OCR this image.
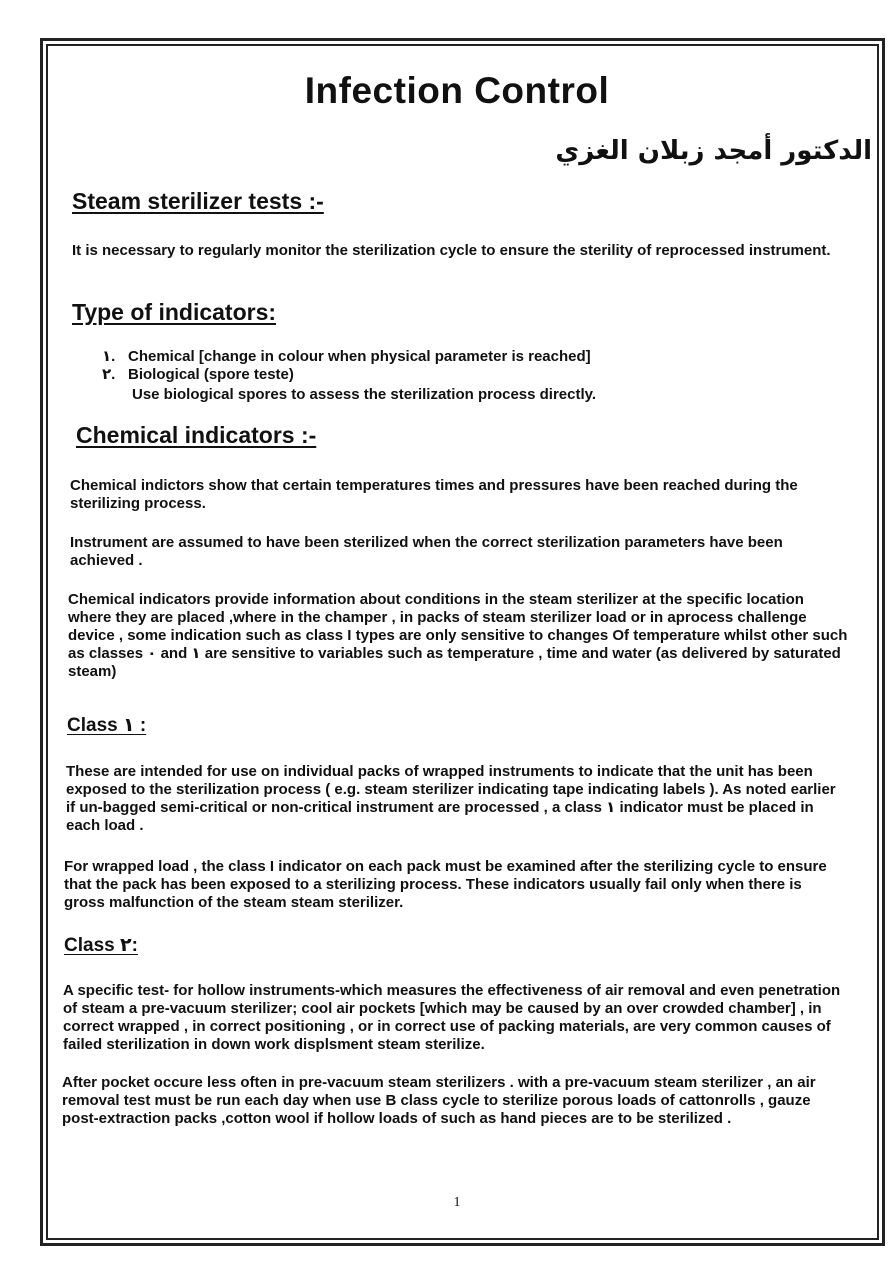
Infection Control
الدكتور أمجد زبلان الغزي
Steam sterilizer tests :-
It is necessary to regularly monitor the sterilization cycle to ensure the sterility of reprocessed instrument.
Type of indicators:
١. Chemical [change in colour when physical parameter is reached]
٢. Biological (spore teste)
Use biological spores to assess the sterilization process directly.
Chemical indicators :-
Chemical indictors show that certain temperatures times and pressures have been reached during the sterilizing process.
Instrument are assumed to have been sterilized when the correct sterilization parameters have been achieved .
Chemical indicators provide information about conditions in the steam sterilizer at the specific location where they are placed ,where in the champer , in packs of steam sterilizer load or in aprocess challenge device , some indication such as class I types are only sensitive to changes Of temperature whilst other such as classes ٠ and ١ are sensitive to variables such as temperature , time and water (as delivered by saturated steam)
Class ١ :
These are intended for use on individual packs of wrapped instruments to indicate that the unit has been exposed to the sterilization process ( e.g. steam sterilizer indicating tape indicating labels ). As noted earlier if un-bagged semi-critical or non-critical instrument are processed , a class ١ indicator must be placed in each load .
For wrapped load , the class I indicator on each pack must be examined after the sterilizing cycle to ensure that the pack has been exposed to a sterilizing process. These indicators usually fail only when there is gross malfunction of the steam steam sterilizer.
Class ٢:
A specific test- for hollow instruments-which measures the effectiveness of air removal and even penetration of steam a pre-vacuum sterilizer; cool air pockets [which may be caused by an over crowded chamber] , in correct wrapped , in correct positioning , or in correct use of packing materials, are very common causes of failed sterilization in down work displsment steam sterilize.
After pocket occure less often in pre-vacuum steam sterilizers . with a pre-vacuum steam sterilizer , an air removal test must be run each day when use B class cycle to sterilize porous loads of cattonrolls , gauze post-extraction packs ,cotton wool if hollow loads of such as hand pieces are to be sterilized .
1
